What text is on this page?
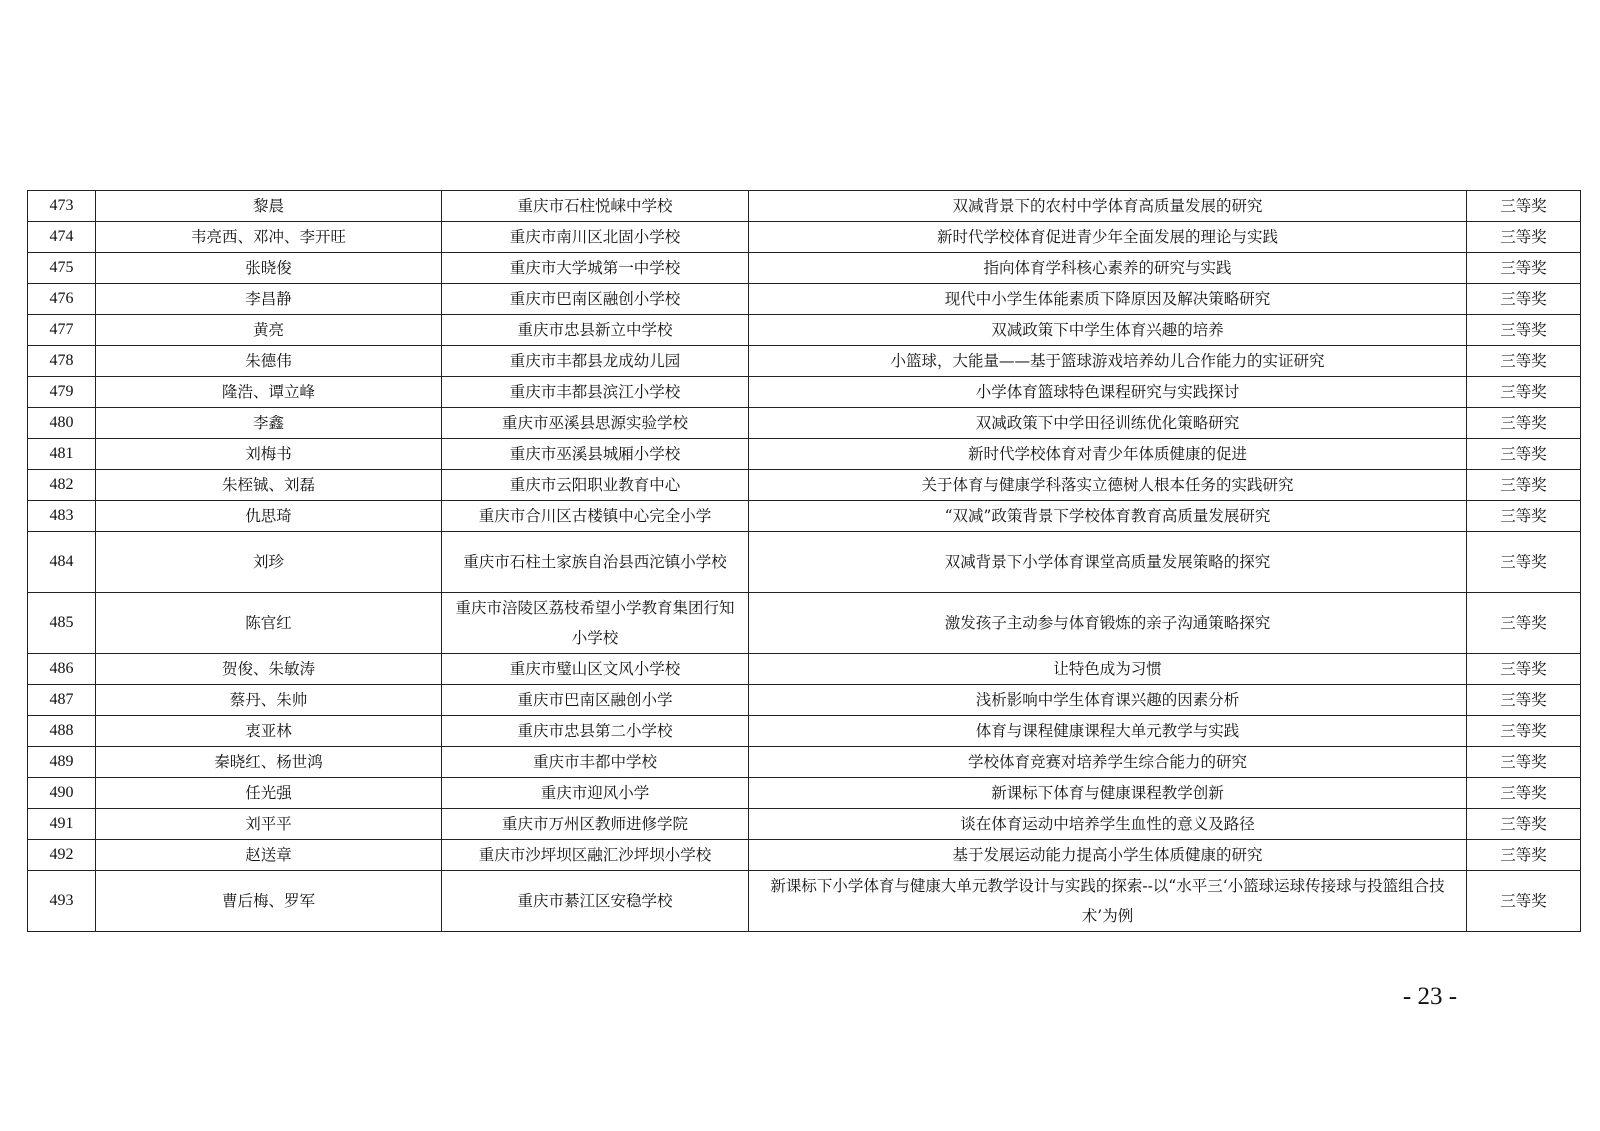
473	黎晨	重庆市石柱悦崃中学校	双减背景下的农村中学体育高质量发展的研究	三等奖
474	韦亮西、邓冲、李开旺	重庆市南川区北固小学校	新时代学校体育促进青少年全面发展的理论与实践	三等奖
475	张晓俊	重庆市大学城第一中学校	指向体育学科核心素养的研究与实践	三等奖
476	李昌静	重庆市巴南区融创小学校	现代中小学生体能素质下降原因及解决策略研究	三等奖
477	黄亮	重庆市忠县新立中学校	双减政策下中学生体育兴趣的培养	三等奖
478	朱德伟	重庆市丰都县龙成幼儿园	小篮球，大能量——基于篮球游戏培养幼儿合作能力的实证研究	三等奖
479	隆浩、谭立峰	重庆市丰都县滨江小学校	小学体育篮球特色课程研究与实践探讨	三等奖
480	李鑫	重庆市巫溪县思源实验学校	双减政策下中学田径训练优化策略研究	三等奖
481	刘梅书	重庆市巫溪县城厢小学校	新时代学校体育对青少年体质健康的促进	三等奖
482	朱桎铖、刘磊	重庆市云阳职业教育中心	关于体育与健康学科落实立德树人根本任务的实践研究	三等奖
483	仇思琦	重庆市合川区古楼镇中心完全小学	“双减”政策背景下学校体育教育高质量发展研究	三等奖
484	刘珍	重庆市石柱土家族自治县西沱镇小学校	双减背景下小学体育课堂高质量发展策略的探究	三等奖
485	陈官红	重庆市涪陵区荔枝希望小学教育集团行知小学校	激发孩子主动参与体育锻炼的亲子沟通策略探究	三等奖
486	贺俊、朱敏涛	重庆市璧山区文风小学校	让特色成为习惯	三等奖
487	蔡丹、朱帅	重庆市巴南区融创小学	浅析影响中学生体育课兴趣的因素分析	三等奖
488	衷亚林	重庆市忠县第二小学校	体育与课程健康课程大单元教学与实践	三等奖
489	秦晓红、杨世鸿	重庆市丰都中学校	学校体育竞赛对培养学生综合能力的研究	三等奖
490	任光强	重庆市迎风小学	新课标下体育与健康课程教学创新	三等奖
491	刘平平	重庆市万州区教师进修学院	谈在体育运动中培养学生血性的意义及路径	三等奖
492	赵送章	重庆市沙坪坝区融汇沙坪坝小学校	基于发展运动能力提高小学生体质健康的研究	三等奖
493	曹后梅、罗军	重庆市綦江区安稳学校	新课标下小学体育与健康大单元教学设计与实践的探索--以“水平三‘小篮球运球传接球与投篮组合技术’为例	三等奖
- 23 -
